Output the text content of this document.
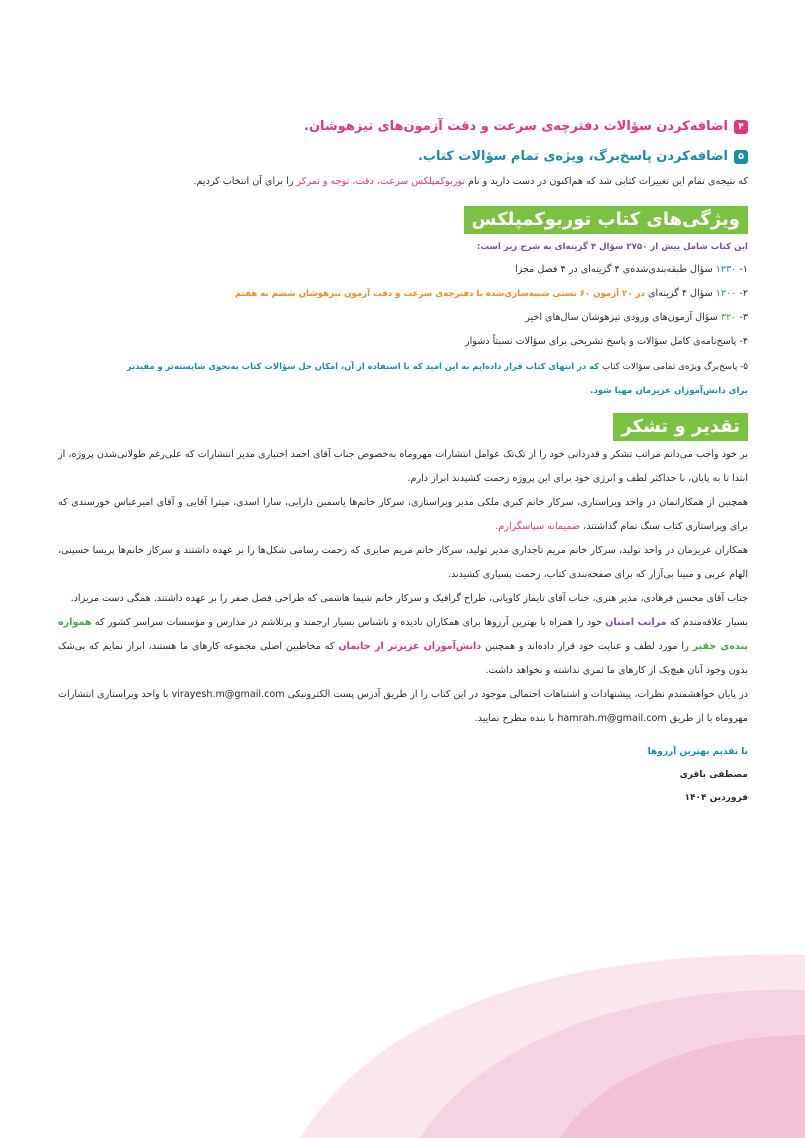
۴
اضافه‌کردن سؤالات دفترچه‌ی سرعت و دقت آزمون‌های تیزهوشان.
۵
اضافه‌کردن پاسخ‌برگ، ویژه‌ی تمام سؤالات کتاب.

که نتیجه‌ی تمام این تغییرات کتابی شد که هم‌اکنون در دست دارید و نام توربوکمپلکس سرعت، دقت، توجه و تمرکز را برای آن انتخاب کردیم.

ویژگی‌های کتاب توربوکمپلکس

این کتاب شامل بیش از ۲۷۵۰ سؤال ۴ گزینه‌ای به شرح زیر است:

۱- ۱۲۳۰ سؤال طبقه‌بندی‌شده‌ی ۴ گزینه‌ای در ۴ فصل مجزا

۲- ۱۲۰۰ سؤال ۴ گزینه‌ای در ۲۰ آزمون ۶۰ تستی شبیه‌سازی‌شده با دفترچه‌ی سرعت و دقت آزمون تیزهوشان ششم به هفتم

۳- ۳۲۰ سؤال آزمون‌های ورودی تیزهوشان سال‌های اخیر

۴- پاسخ‌نامه‌ی کامل سؤالات و پاسخ تشریحی برای سؤالات نسبتاً دشوار

۵- پاسخ‌برگ ویژه‌ی تمامی سؤالات کتاب که در انتهای کتاب قرار داده‌ایم به این امید که با استفاده از آن، امکان حل سؤالات کتاب به‌نحوی شایسته‌تر و مفیدتر

برای دانش‌آموزان عزیزمان مهیا شود.

تقدیر و تشکر

بر خود واجب می‌دانم مراتب تشکر و قدردانی خود را از تک‌تک عوامل انتشارات مهروماه به‌خصوص جناب آقای احمد اختیاری مدیر انتشارات که علی‌رغم طولانی‌شدن پروژه، از ابتدا تا به پایان، با حداکثر لطف و انرژی خود برای این پروژه زحمت کشیدند ابراز دارم.

همچنین از همکارانمان در واحد ویراستاری، سرکار خانم کبری ملکی مدیر ویراستاری، سرکار خانم‌ها یاسمین دارابی، سارا اسدی، میترا آقایی و آقای امیرعباس خورسندی که برای ویراستاری کتاب سنگ تمام گذاشتند، صمیمانه سپاسگزارم.

همکاران عزیزمان در واحد تولید، سرکار خانم مریم تاجداری مدیر تولید، سرکار خانم مریم صابری که زحمت رسامی شکل‌ها را بر عهده داشتند و سرکار خانم‌ها پریسا حسینی، الهام عربی و مبینا بی‌آزار که برای صفحه‌بندی کتاب، زحمت بسیاری کشیدند.

جناب آقای محسن فرهادی، مدیر هنری، جناب آقای تایماز کاویانی، طراح گرافیک و سرکار خانم شیما هاشمی که طراحی فصل صفر را بر عهده داشتند. همگی دست مریزاد.

بسیار علاقه‌مندم که مراتب امتنان خود را همراه با بهترین آرزوها برای همکاران نادیده و ناشناس بسیار ارجمند و پرتلاشم در مدارس و مؤسسات سراسر کشور که همواره بنده‌ی حقیر را مورد لطف و عنایت خود قرار داده‌اند و همچنین دانش‌آموزان عزیزتر از جانمان که مخاطبین اصلی مجموعه کارهای ما هستند، ابراز نمایم که بی‌شک بدون وجود آنان هیچ‌یک از کارهای ما ثمری نداشته و نخواهد داشت.

در پایان خواهشمندم نظرات، پیشنهادات و اشتباهات احتمالی موجود در این کتاب را از طریق آدرس پست الکترونیکی virayesh.m@gmail.com با واحد ویراستاری انتشارات مهروماه یا از طریق hamrah.m@gmail.com با بنده مطرح نمایید.

با تقدیم بهترین آرزوها

مصطفی باقری

فروردین ۱۴۰۴
